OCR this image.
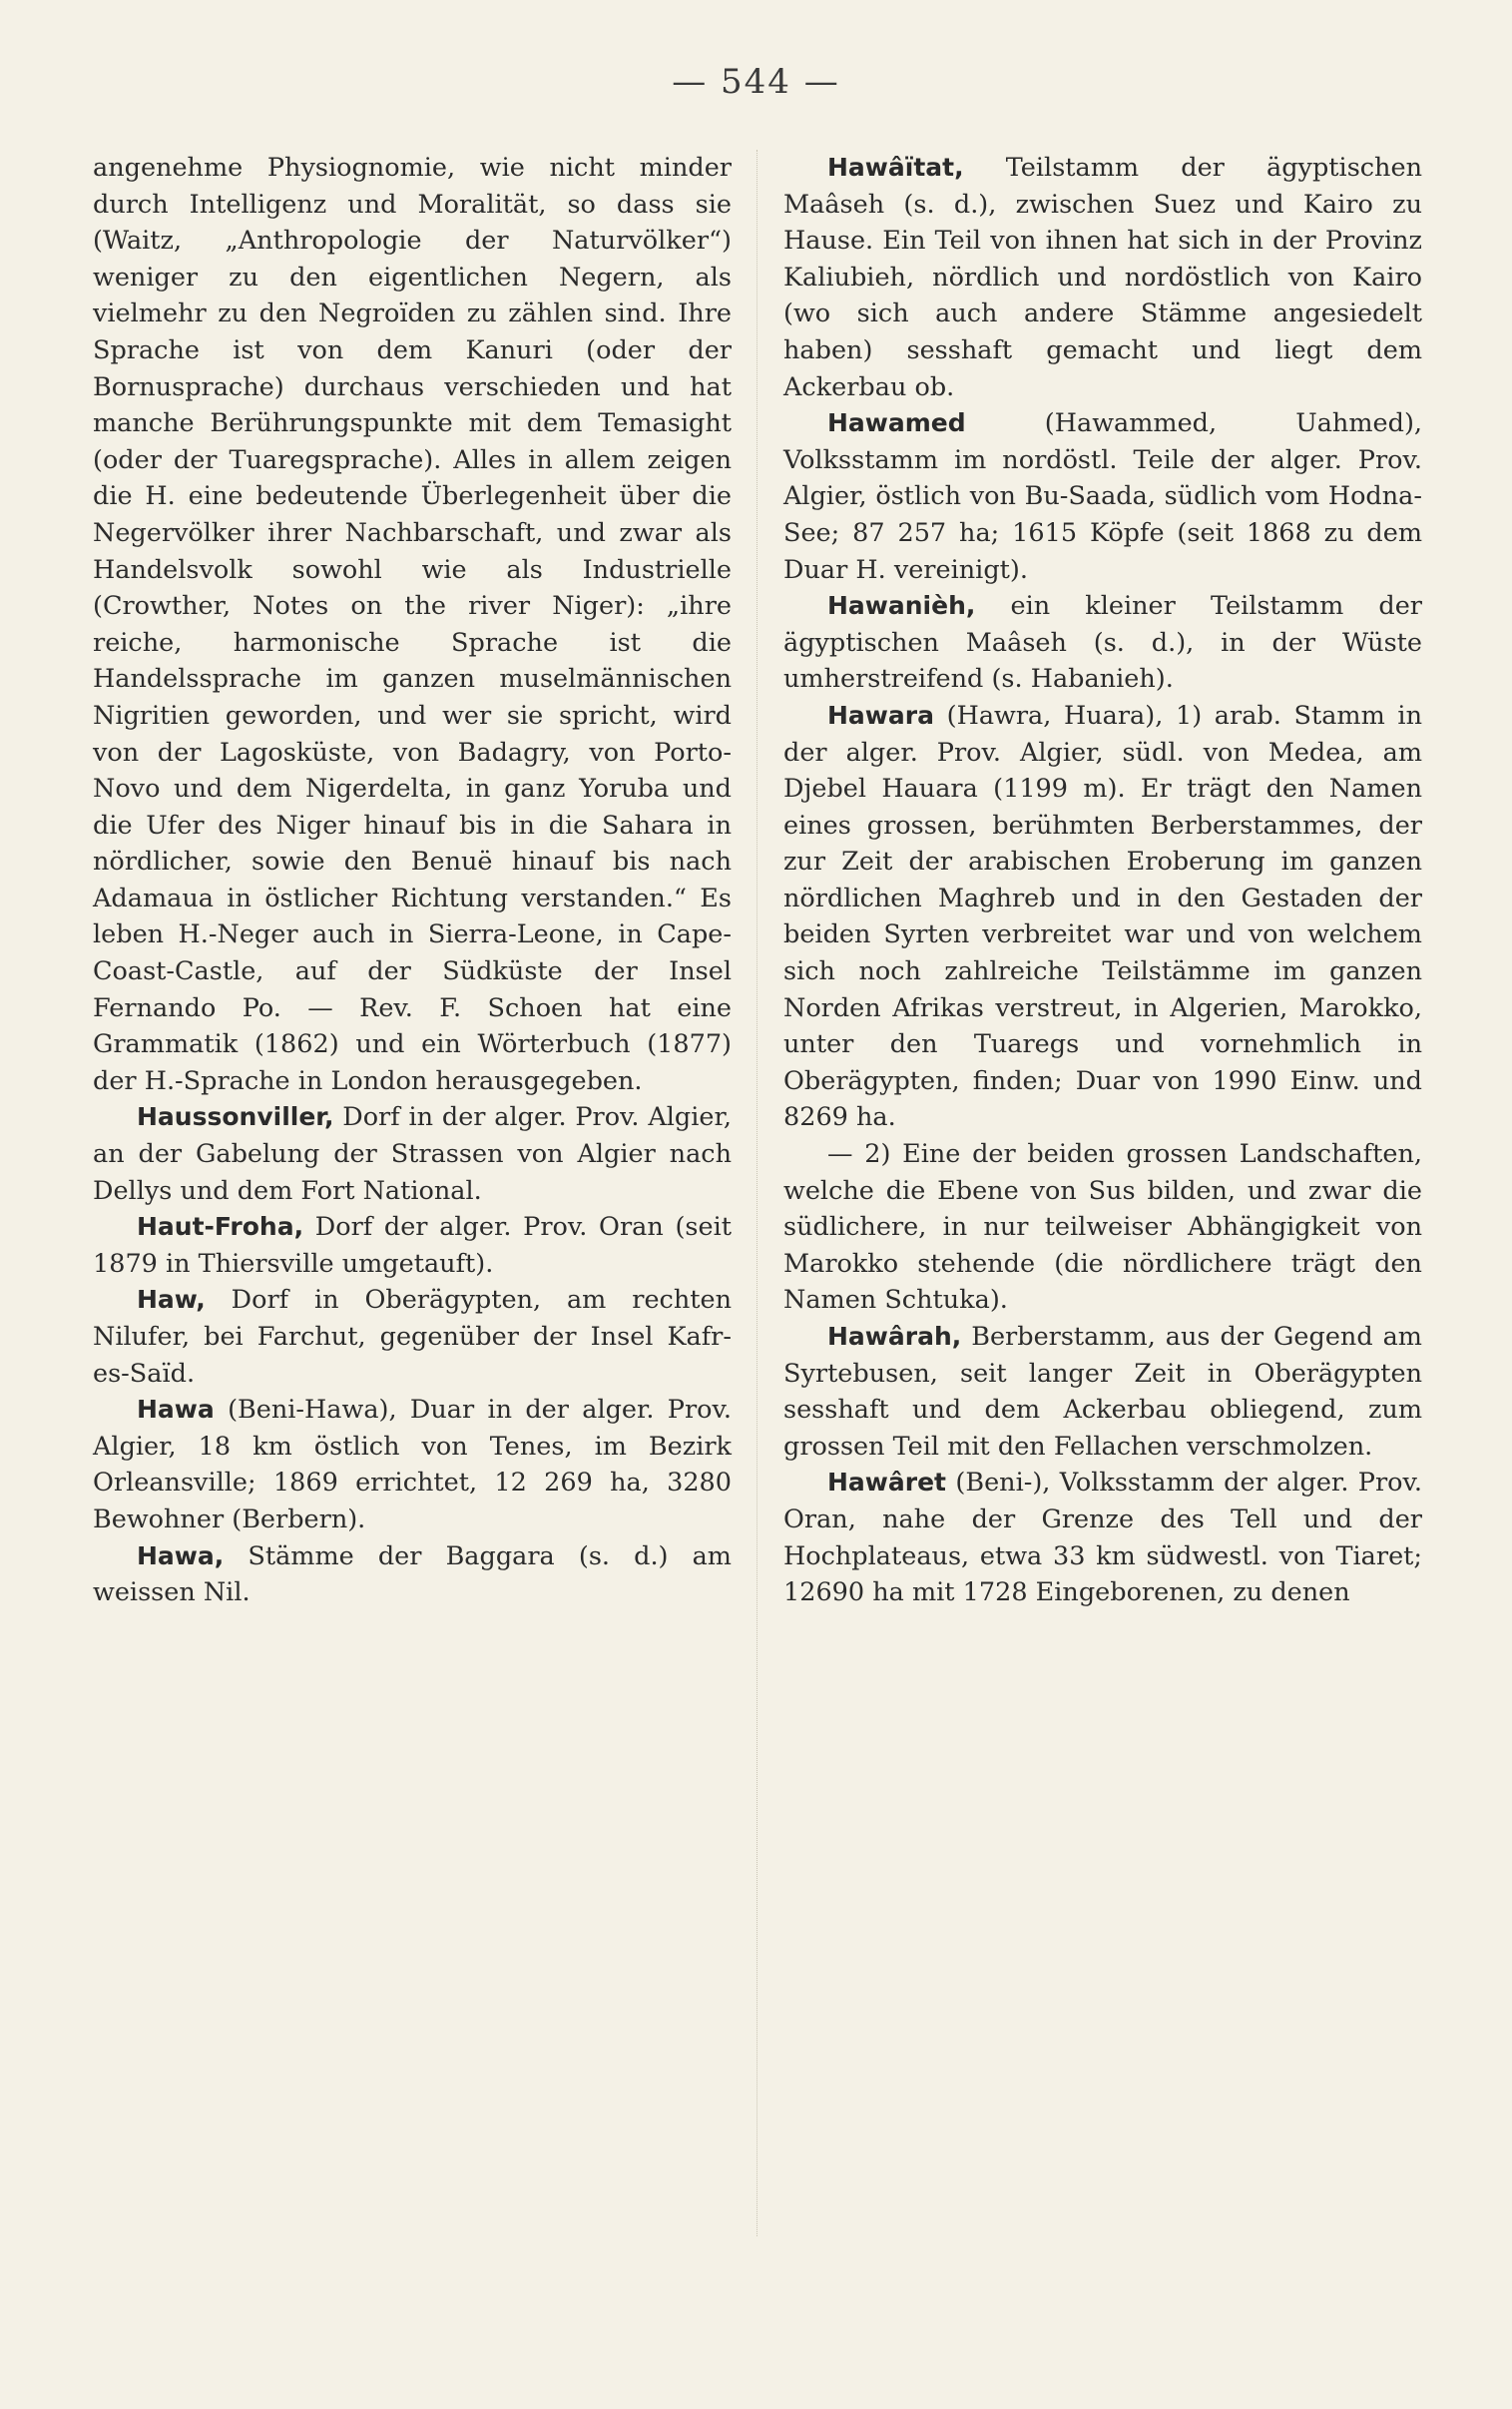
— 544 —

angenehme Physiognomie, wie nicht minder durch Intelligenz und Moralität, so dass sie (Waitz, „Anthropologie der Naturvölker“) weniger zu den eigentlichen Negern, als vielmehr zu den Negroïden zu zählen sind. Ihre Sprache ist von dem Kanuri (oder der Bornusprache) durchaus verschieden und hat manche Berührungspunkte mit dem Temasight (oder der Tuaregsprache). Alles in allem zeigen die H. eine bedeutende Überlegenheit über die Negervölker ihrer Nachbarschaft, und zwar als Handelsvolk sowohl wie als Industrielle (Crowther, Notes on the river Niger): „ihre reiche, harmonische Sprache ist die Handelssprache im ganzen muselmännischen Nigritien geworden, und wer sie spricht, wird von der Lagosküste, von Badagry, von Porto-Novo und dem Nigerdelta, in ganz Yoruba und die Ufer des Niger hinauf bis in die Sahara in nördlicher, sowie den Benuë hinauf bis nach Adamaua in östlicher Richtung verstanden.“ Es leben H.-Neger auch in Sierra-Leone, in Cape-Coast-Castle, auf der Südküste der Insel Fernando Po. — Rev. F. Schoen hat eine Grammatik (1862) und ein Wörterbuch (1877) der H.-Sprache in London herausgegeben.

Haussonviller, Dorf in der alger. Prov. Algier, an der Gabelung der Strassen von Algier nach Dellys und dem Fort National.

Haut-Froha, Dorf der alger. Prov. Oran (seit 1879 in Thiersville umgetauft).

Haw, Dorf in Oberägypten, am rechten Nilufer, bei Farchut, gegenüber der Insel Kafr-es-Saïd.

Hawa (Beni-Hawa), Duar in der alger. Prov. Algier, 18 km östlich von Tenes, im Bezirk Orleansville; 1869 errichtet, 12 269 ha, 3280 Bewohner (Berbern).

Hawa, Stämme der Baggara (s. d.) am weissen Nil.

Hawâïtat, Teilstamm der ägyptischen Maâseh (s. d.), zwischen Suez und Kairo zu Hause. Ein Teil von ihnen hat sich in der Provinz Kaliubieh, nördlich und nordöstlich von Kairo (wo sich auch andere Stämme angesiedelt haben) sesshaft gemacht und liegt dem Ackerbau ob.

Hawamed (Hawammed, Uahmed), Volksstamm im nordöstl. Teile der alger. Prov. Algier, östlich von Bu-Saada, südlich vom Hodna-See; 87 257 ha; 1615 Köpfe (seit 1868 zu dem Duar H. vereinigt).

Hawanièh, ein kleiner Teilstamm der ägyptischen Maâseh (s. d.), in der Wüste umherstreifend (s. Habanieh).

Hawara (Hawra, Huara), 1) arab. Stamm in der alger. Prov. Algier, südl. von Medea, am Djebel Hauara (1199 m). Er trägt den Namen eines grossen, berühmten Berberstammes, der zur Zeit der arabischen Eroberung im ganzen nördlichen Maghreb und in den Gestaden der beiden Syrten verbreitet war und von welchem sich noch zahlreiche Teilstämme im ganzen Norden Afrikas verstreut, in Algerien, Marokko, unter den Tuaregs und vornehmlich in Oberägypten, finden; Duar von 1990 Einw. und 8269 ha.

— 2) Eine der beiden grossen Landschaften, welche die Ebene von Sus bilden, und zwar die südlichere, in nur teilweiser Abhängigkeit von Marokko stehende (die nördlichere trägt den Namen Schtuka).

Hawârah, Berberstamm, aus der Gegend am Syrtebusen, seit langer Zeit in Oberägypten sesshaft und dem Ackerbau obliegend, zum grossen Teil mit den Fellachen verschmolzen.

Hawâret (Beni-), Volksstamm der alger. Prov. Oran, nahe der Grenze des Tell und der Hochplateaus, etwa 33 km südwestl. von Tiaret; 12690 ha mit 1728 Eingeborenen, zu denen
